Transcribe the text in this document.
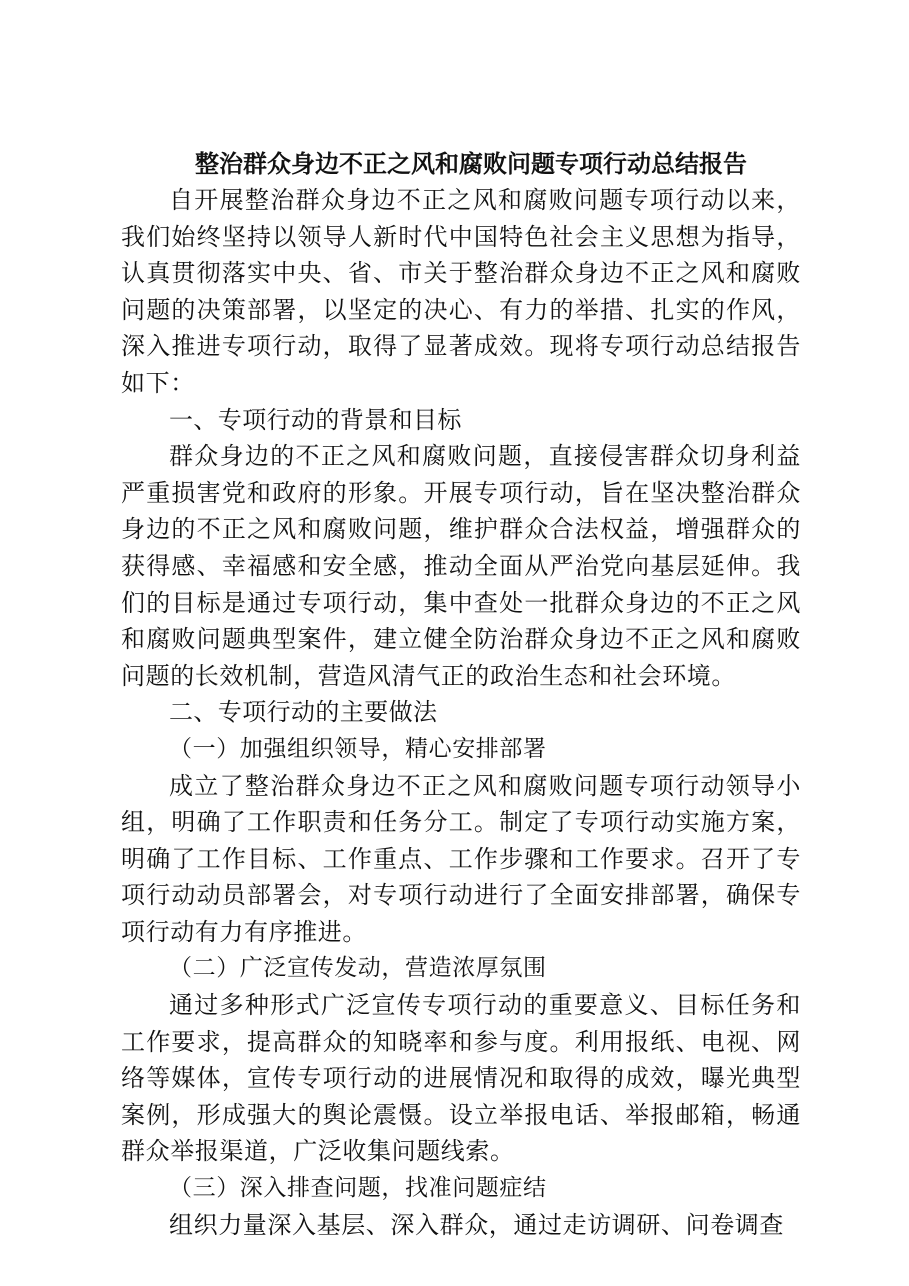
整治群众身边不正之风和腐败问题专项行动总结报告

自开展整治群众身边不正之风和腐败问题专项行动以来，我们始终坚持以领导人新时代中国特色社会主义思想为指导，认真贯彻落实中央、省、市关于整治群众身边不正之风和腐败问题的决策部署，以坚定的决心、有力的举措、扎实的作风，深入推进专项行动，取得了显著成效。现将专项行动总结报告如下：

一、专项行动的背景和目标

群众身边的不正之风和腐败问题，直接侵害群众切身利益严重损害党和政府的形象。开展专项行动，旨在坚决整治群众身边的不正之风和腐败问题，维护群众合法权益，增强群众的获得感、幸福感和安全感，推动全面从严治党向基层延伸。我们的目标是通过专项行动，集中查处一批群众身边的不正之风和腐败问题典型案件，建立健全防治群众身边不正之风和腐败问题的长效机制，营造风清气正的政治生态和社会环境。

二、专项行动的主要做法

（一）加强组织领导，精心安排部署

成立了整治群众身边不正之风和腐败问题专项行动领导小组，明确了工作职责和任务分工。制定了专项行动实施方案，明确了工作目标、工作重点、工作步骤和工作要求。召开了专项行动动员部署会，对专项行动进行了全面安排部署，确保专项行动有力有序推进。

（二）广泛宣传发动，营造浓厚氛围

通过多种形式广泛宣传专项行动的重要意义、目标任务和工作要求，提高群众的知晓率和参与度。利用报纸、电视、网络等媒体，宣传专项行动的进展情况和取得的成效，曝光典型案例，形成强大的舆论震慑。设立举报电话、举报邮箱，畅通群众举报渠道，广泛收集问题线索。

（三）深入排查问题，找准问题症结

组织力量深入基层、深入群众，通过走访调研、问卷调查
